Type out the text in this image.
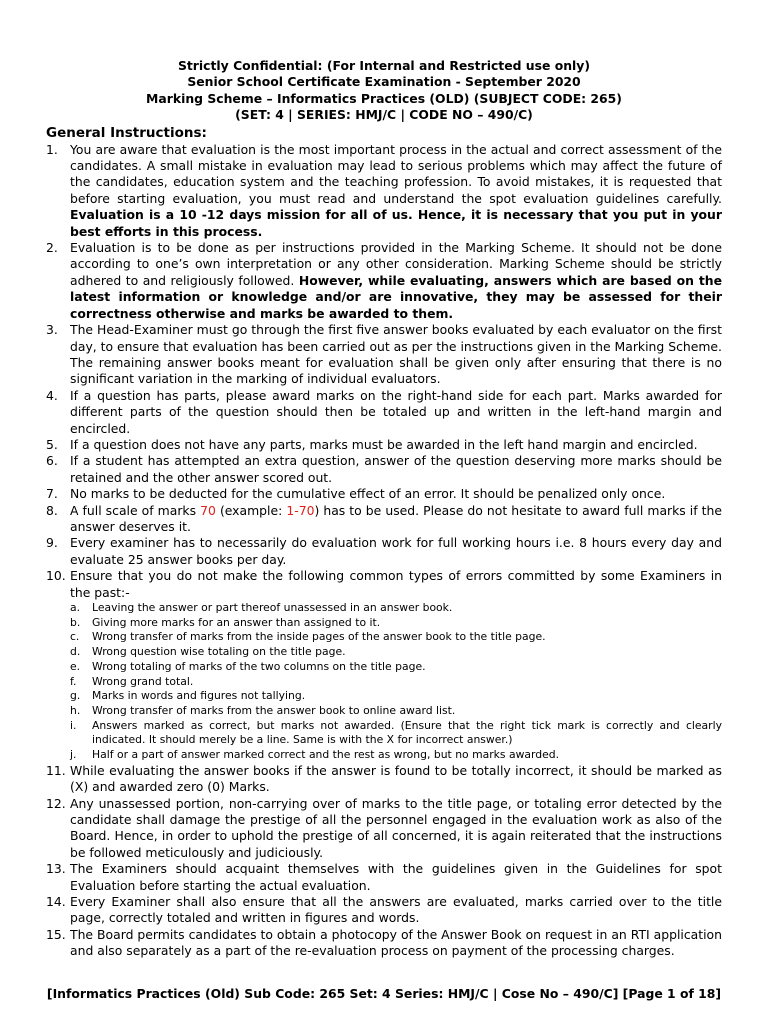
Strictly Confidential: (For Internal and Restricted use only)
Senior School Certificate Examination - September 2020
Marking Scheme – Informatics Practices (OLD) (SUBJECT CODE: 265)
(SET: 4 | SERIES: HMJ/C | CODE NO – 490/C)
General Instructions:
1. You are aware that evaluation is the most important process in the actual and correct assessment of the candidates. A small mistake in evaluation may lead to serious problems which may affect the future of the candidates, education system and the teaching profession. To avoid mistakes, it is requested that before starting evaluation, you must read and understand the spot evaluation guidelines carefully. Evaluation is a 10 -12 days mission for all of us. Hence, it is necessary that you put in your best efforts in this process.
2. Evaluation is to be done as per instructions provided in the Marking Scheme. It should not be done according to one’s own interpretation or any other consideration. Marking Scheme should be strictly adhered to and religiously followed. However, while evaluating, answers which are based on the latest information or knowledge and/or are innovative, they may be assessed for their correctness otherwise and marks be awarded to them.
3. The Head-Examiner must go through the first five answer books evaluated by each evaluator on the first day, to ensure that evaluation has been carried out as per the instructions given in the Marking Scheme. The remaining answer books meant for evaluation shall be given only after ensuring that there is no significant variation in the marking of individual evaluators.
4. If a question has parts, please award marks on the right-hand side for each part. Marks awarded for different parts of the question should then be totaled up and written in the left-hand margin and encircled.
5. If a question does not have any parts, marks must be awarded in the left hand margin and encircled.
6. If a student has attempted an extra question, answer of the question deserving more marks should be retained and the other answer scored out.
7. No marks to be deducted for the cumulative effect of an error. It should be penalized only once.
8. A full scale of marks 70 (example: 1-70) has to be used. Please do not hesitate to award full marks if the answer deserves it.
9. Every examiner has to necessarily do evaluation work for full working hours i.e. 8 hours every day and evaluate 25 answer books per day.
10. Ensure that you do not make the following common types of errors committed by some Examiners in the past:-
a. Leaving the answer or part thereof unassessed in an answer book.
b. Giving more marks for an answer than assigned to it.
c. Wrong transfer of marks from the inside pages of the answer book to the title page.
d. Wrong question wise totaling on the title page.
e. Wrong totaling of marks of the two columns on the title page.
f. Wrong grand total.
g. Marks in words and figures not tallying.
h. Wrong transfer of marks from the answer book to online award list.
i. Answers marked as correct, but marks not awarded. (Ensure that the right tick mark is correctly and clearly indicated. It should merely be a line. Same is with the X for incorrect answer.)
j. Half or a part of answer marked correct and the rest as wrong, but no marks awarded.
11. While evaluating the answer books if the answer is found to be totally incorrect, it should be marked as (X) and awarded zero (0) Marks.
12. Any unassessed portion, non-carrying over of marks to the title page, or totaling error detected by the candidate shall damage the prestige of all the personnel engaged in the evaluation work as also of the Board. Hence, in order to uphold the prestige of all concerned, it is again reiterated that the instructions be followed meticulously and judiciously.
13. The Examiners should acquaint themselves with the guidelines given in the Guidelines for spot Evaluation before starting the actual evaluation.
14. Every Examiner shall also ensure that all the answers are evaluated, marks carried over to the title page, correctly totaled and written in figures and words.
15. The Board permits candidates to obtain a photocopy of the Answer Book on request in an RTI application and also separately as a part of the re-evaluation process on payment of the processing charges.
[Informatics Practices (Old) Sub Code: 265 Set: 4 Series: HMJ/C | Cose No – 490/C] [Page 1 of 18]
